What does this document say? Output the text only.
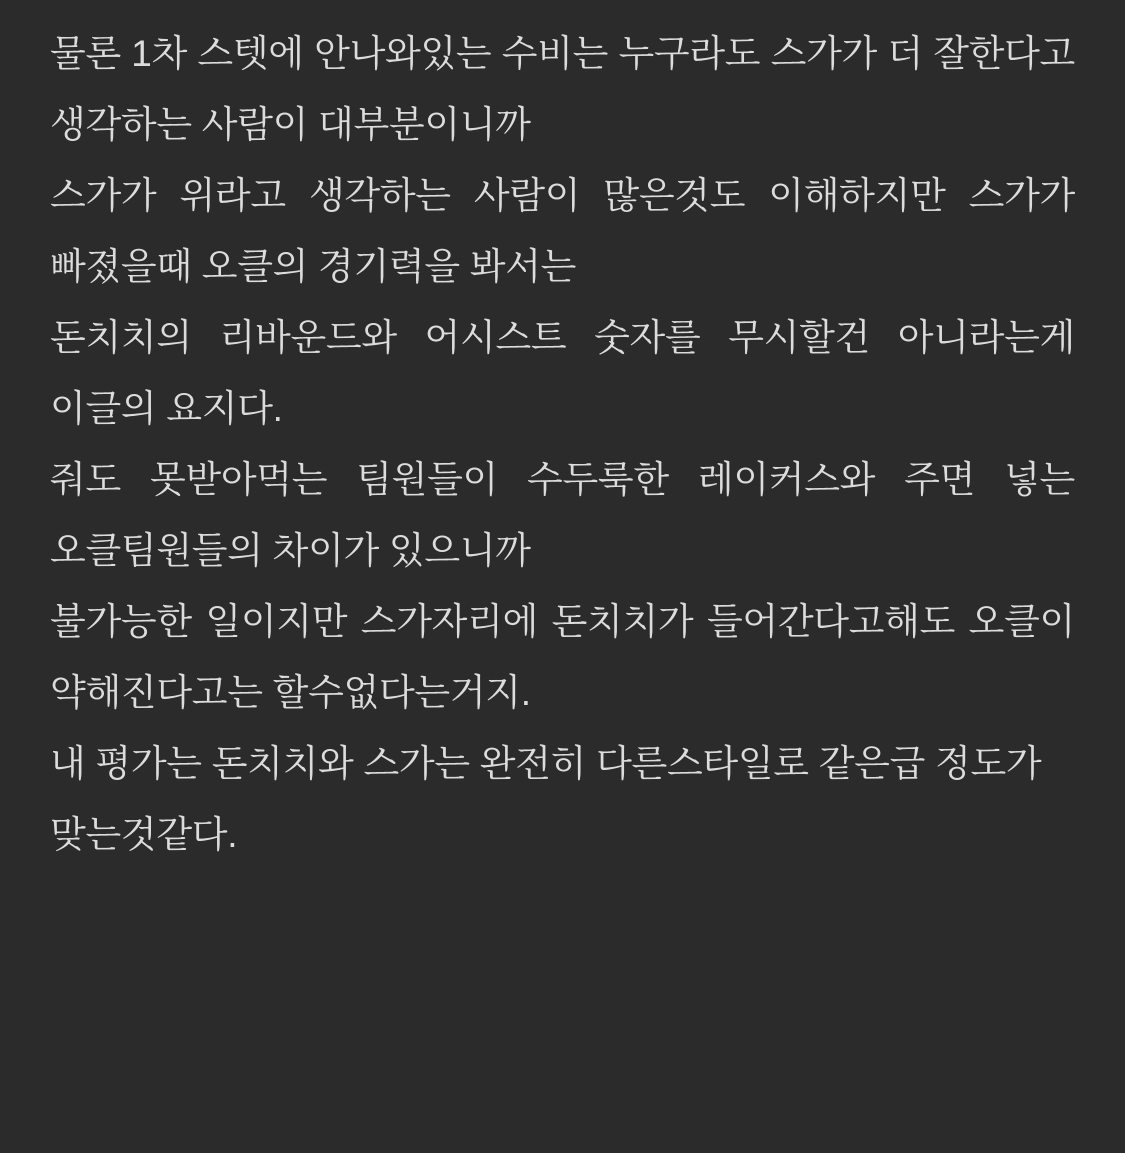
물론 1차 스텟에 안나와있는 수비는 누구라도 스가가 더 잘한다고 생각하는 사람이 대부분이니까

스가가 위라고 생각하는 사람이 많은것도 이해하지만 스가가 빠졌을때 오클의 경기력을 봐서는

돈치치의 리바운드와 어시스트 숫자를 무시할건 아니라는게 이글의 요지다.

줘도 못받아먹는 팀원들이 수두룩한 레이커스와 주면 넣는 오클팀원들의 차이가 있으니까

불가능한 일이지만 스가자리에 돈치치가 들어간다고해도 오클이 약해진다고는 할수없다는거지.

내 평가는 돈치치와 스가는 완전히 다른스타일로 같은급 정도가 맞는것같다.
